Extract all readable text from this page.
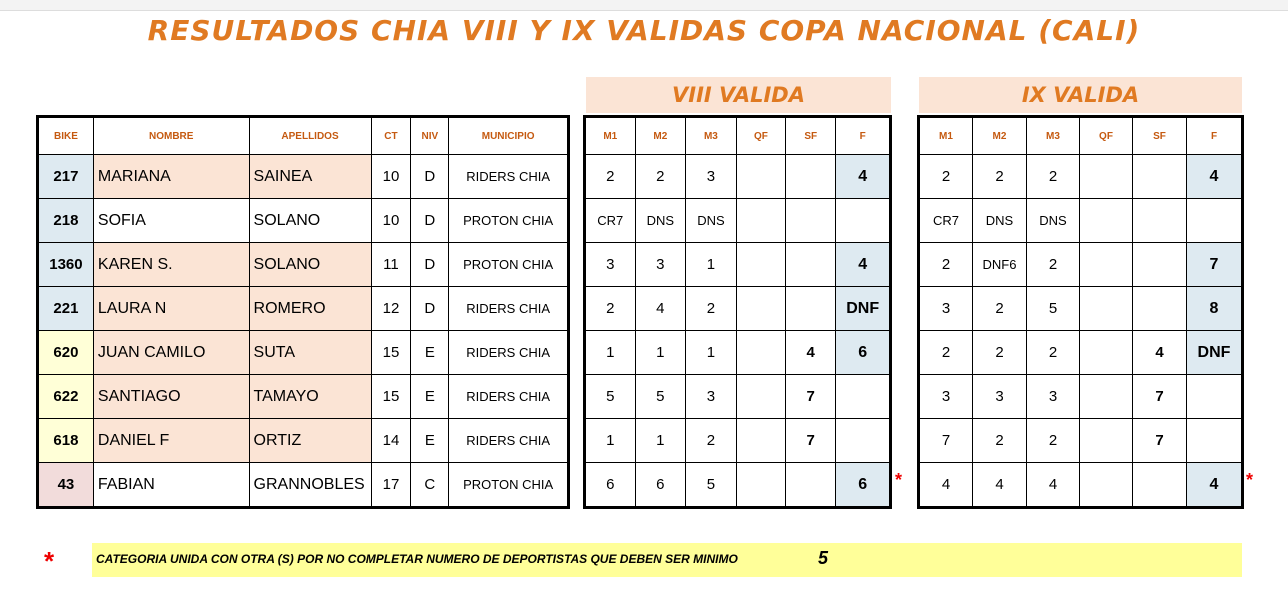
RESULTADOS CHIA VIII Y IX VALIDAS COPA NACIONAL (CALI)
VIII VALIDA	IX VALIDA
BIKE	NOMBRE	APELLIDOS	CT	NIV	MUNICIPIO
217	MARIANA	SAINEA	10	D	RIDERS CHIA
218	SOFIA	SOLANO	10	D	PROTON CHIA
1360	KAREN S.	SOLANO	11	D	PROTON CHIA
221	LAURA N	ROMERO	12	D	RIDERS CHIA
620	JUAN CAMILO	SUTA	15	E	RIDERS CHIA
622	SANTIAGO	TAMAYO	15	E	RIDERS CHIA
618	DANIEL F	ORTIZ	14	E	RIDERS CHIA
43	FABIAN	GRANNOBLES	17	C	PROTON CHIA
M1	M2	M3	QF	SF	F
2	2	3			4
CR7	DNS	DNS			
3	3	1			4
2	4	2			DNF
1	1	1		4	6
5	5	3		7	
1	1	2		7	
6	6	5			6
M1	M2	M3	QF	SF	F
2	2	2			4
CR7	DNS	DNS			
2	DNF6	2			7
3	2	5			8
2	2	2		4	DNF
3	3	3		7	
7	2	2		7	
4	4	4			4
*	*
*	CATEGORIA UNIDA CON OTRA (S) POR NO COMPLETAR NUMERO DE DEPORTISTAS QUE DEBEN SER MINIMO	5
